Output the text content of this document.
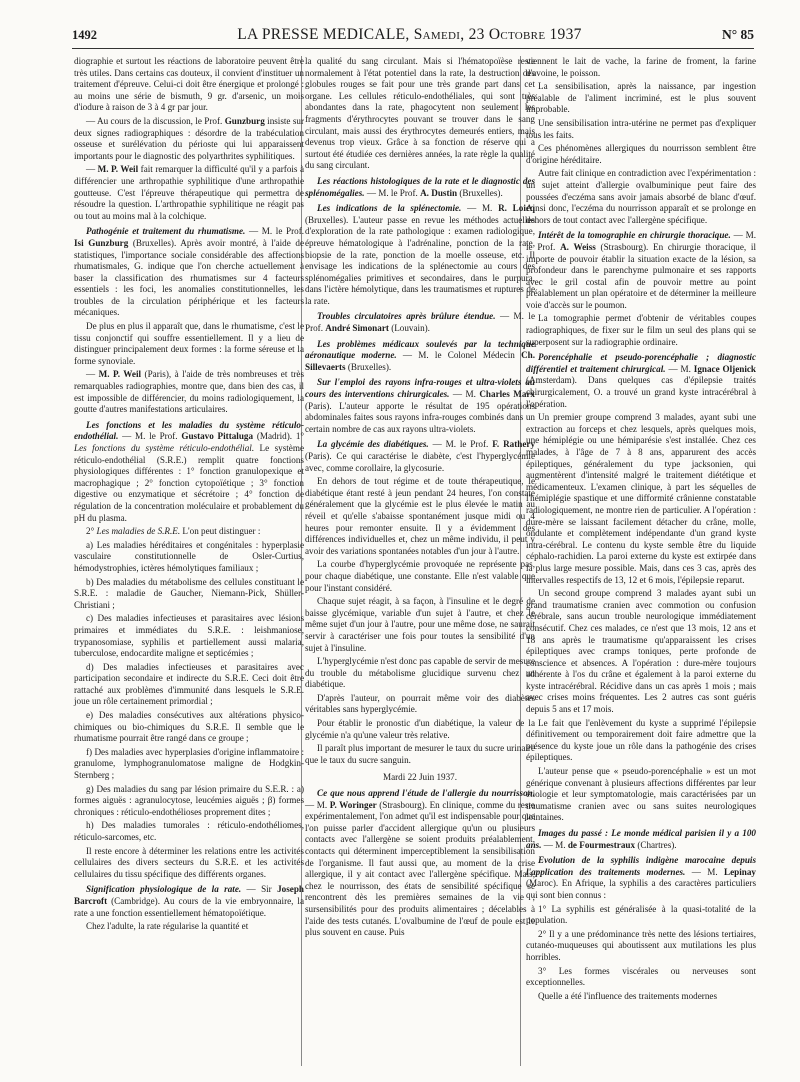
1492	LA PRESSE MEDICALE, Samedi, 23 Octobre 1937	N° 85

diographie et surtout les réactions de laboratoire peuvent être très utiles. Dans certains cas douteux, il convient d'instituer un traitement d'épreuve. Celui-ci doit être énergique et prolongé : au moins une série de bismuth, 9 gr. d'arsenic, un mois d'iodure à raison de 3 à 4 gr par jour.

— Au cours de la discussion, le Prof. Gunzburg insiste sur deux signes radiographiques : désordre de la trabéculation osseuse et surélévation du périoste qui lui apparaissent importants pour le diagnostic des polyarthrites syphilitiques.

— M. P. Weil fait remarquer la difficulté qu'il y a parfois à différencier une arthropathie syphilitique d'une arthropathie goutteuse. C'est l'épreuve thérapeutique qui permettra de résoudre la question. L'arthropathie syphilitique ne réagit pas ou tout au moins mal à la colchique.

Pathogénie et traitement du rhumatisme. — M. le Prof. Isi Gunzburg (Bruxelles). Après avoir montré, à l'aide de statistiques, l'importance sociale considérable des affections rhumatismales, G. indique que l'on cherche actuellement à baser la classification des rhumatismes sur 4 facteurs essentiels : les foci, les anomalies constitutionnelles, les troubles de la circulation périphérique et les facteurs mécaniques.

De plus en plus il apparaît que, dans le rhumatisme, c'est le tissu conjonctif qui souffre essentiellement. Il y a lieu de distinguer principalement deux formes : la forme séreuse et la forme synoviale.

— M. P. Weil (Paris), à l'aide de très nombreuses et très remarquables radiographies, montre que, dans bien des cas, il est impossible de différencier, du moins radiologiquement, la goutte d'autres manifestations articulaires.

Les fonctions et les maladies du système réticulo-endothélial. — M. le Prof. Gustavo Pittaluga (Madrid). 1° Les fonctions du système réticulo-endothélial. Le système réticulo-endothélial (S.R.E.) remplit quatre fonctions physiologiques différentes : 1° fonction granulopexique et macrophagique ; 2° fonction cytopoïétique ; 3° fonction digestive ou enzymatique et sécrétoire ; 4° fonction de régulation de la concentration moléculaire et probablement du pH du plasma.

2° Les maladies de S.R.E. L'on peut distinguer :

a) Les maladies héréditaires et congénitales : hyperplasie vasculaire constitutionnelle de Osler-Curtius, hémodystrophies, ictères hémolytiques familiaux ;

b) Des maladies du métabolisme des cellules constituant le S.R.E. : maladie de Gaucher, Niemann-Pick, Shüller-Christiani ;

c) Des maladies infectieuses et parasitaires avec lésions primaires et immédiates du S.R.E. : leishmaniose, trypanosomiase, syphilis et partiellement aussi malaria, tuberculose, endocardite maligne et septicémies ;

d) Des maladies infectieuses et parasitaires avec participation secondaire et indirecte du S.R.E. Ceci doit être rattaché aux problèmes d'immunité dans lesquels le S.R.E. joue un rôle certainement primordial ;

e) Des maladies consécutives aux altérations physico-chimiques ou bio-chimiques du S.R.E. Il semble que le rhumatisme pourrait être rangé dans ce groupe ;

f) Des maladies avec hyperplasies d'origine inflammatoire : granulome, lymphogranulomatose maligne de Hodgkin-Sternberg ;

g) Des maladies du sang par lésion primaire du S.E.R. : a) formes aiguës : agranulocytose, leucémies aiguës ; β) formes chroniques : réticulo-endothélioses proprement dites ;

h) Des maladies tumorales : réticulo-endothéliomes, réticulo-sarcomes, etc.

Il reste encore à déterminer les relations entre les activités cellulaires des divers secteurs du S.R.E. et les activités cellulaires du tissu spécifique des différents organes.

Signification physiologique de la rate. — Sir Joseph Barcroft (Cambridge). Au cours de la vie embryonnaire, la rate a une fonction essentiellement hématopoïétique.

Chez l'adulte, la rate régularise la quantité et

la qualité du sang circulant. Mais si l'hématopoïèse reste normalement à l'état potentiel dans la rate, la destruction des globules rouges se fait pour une très grande part dans cet organe. Les cellules réticulo-endothéliales, qui sont très abondantes dans la rate, phagocytent non seulement les fragments d'érythrocytes pouvant se trouver dans le sang circulant, mais aussi des érythrocytes demeurés entiers, mais devenus trop vieux. Grâce à sa fonction de réserve qui a surtout été étudiée ces dernières années, la rate règle la qualité du sang circulant.

Les réactions histologiques de la rate et le diagnostic des splénomégalies. — M. le Prof. A. Dustin (Bruxelles).

Les indications de la splénectomie. — M. R. Loicq (Bruxelles). L'auteur passe en revue les méthodes actuelles d'exploration de la rate pathologique : examen radiologique, épreuve hématologique à l'adrénaline, ponction de la rate, biopsie de la rate, ponction de la moelle osseuse, etc. Il envisage les indications de la splénectomie au cours des splénomégalies primitives et secondaires, dans le purpura, dans l'ictère hémolytique, dans les traumatismes et ruptures de la rate.

Troubles circulatoires après brûlure étendue. — M. le Prof. André Simonart (Louvain).

Les problèmes médicaux soulevés par la technique aéronautique moderne. — M. le Colonel Médecin Ch. Sillevaerts (Bruxelles).

Sur l'emploi des rayons infra-rouges et ultra-violets au cours des interventions chirurgicales. — M. Charles Marx (Paris). L'auteur apporte le résultat de 195 opérations abdominales faites sous rayons infra-rouges combinés dans un certain nombre de cas aux rayons ultra-violets.

La glycémie des diabétiques. — M. le Prof. F. Rathery (Paris). Ce qui caractérise le diabète, c'est l'hyperglycémie avec, comme corollaire, la glycosurie.

En dehors de tout régime et de toute thérapeutique, le diabétique étant resté à jeun pendant 24 heures, l'on constate généralement que la glycémie est le plus élevée le matin au réveil et qu'elle s'abaisse spontanément jusque midi ou 4 heures pour remonter ensuite. Il y a évidemment des différences individuelles et, chez un même individu, il peut y avoir des variations spontanées notables d'un jour à l'autre.

La courbe d'hyperglycémie provoquée ne représente pas, pour chaque diabétique, une constante. Elle n'est valable que pour l'instant considéré.

Chaque sujet réagit, à sa façon, à l'insuline et le degré de baisse glycémique, variable d'un sujet à l'autre, et chez le même sujet d'un jour à l'autre, pour une même dose, ne saurait servir à caractériser une fois pour toutes la sensibilité d'un sujet à l'insuline.

L'hyperglycémie n'est donc pas capable de servir de mesure du trouble du métabolisme glucidique survenu chez un diabétique.

D'après l'auteur, on pourrait même voir des diabètes véritables sans hyperglycémie.

Pour établir le pronostic d'un diabétique, la valeur de la glycémie n'a qu'une valeur très relative.

Il paraît plus important de mesurer le taux du sucre urinaire que le taux du sucre sanguin.

Mardi 22 Juin 1937.

Ce que nous apprend l'étude de l'allergie du nourrisson. — M. P. Woringer (Strasbourg). En clinique, comme du reste expérimentalement, l'on admet qu'il est indispensable pour que l'on puisse parler d'accident allergique qu'un ou plusieurs contacts avec l'allergène se soient produits préalablement, contacts qui déterminent imperceptiblement la sensibilisation de l'organisme. Il faut aussi que, au moment de la crise allergique, il y ait contact avec l'allergène spécifique. Mais, chez le nourrisson, des états de sensibilité spécifique se rencontrent dès les premières semaines de la vie ; sursensibilités pour des produits alimentaires ; décelables à l'aide des tests cutanés. L'ovalbumine de l'œuf de poule est le plus souvent en cause. Puis

viennent le lait de vache, la farine de froment, la farine d'avoine, le poisson.

La sensibilisation, après la naissance, par ingestion préalable de l'aliment incriminé, est le plus souvent improbable.

Une sensibilisation intra-utérine ne permet pas d'expliquer tous les faits.

Ces phénomènes allergiques du nourrisson semblent être d'origine héréditaire.

Autre fait clinique en contradiction avec l'expérimentation : un sujet atteint d'allergie ovalbuminique peut faire des poussées d'eczéma sans avoir jamais absorbé de blanc d'œuf. Ainsi donc, l'eczéma du nourrisson apparaît et se prolonge en dehors de tout contact avec l'allergène spécifique.

Intérêt de la tomographie en chirurgie thoracique. — M. le Prof. A. Weiss (Strasbourg). En chirurgie thoracique, il importe de pouvoir établir la situation exacte de la lésion, sa profondeur dans le parenchyme pulmonaire et ses rapports avec le gril costal afin de pouvoir mettre au point préalablement un plan opératoire et de déterminer la meilleure voie d'accès sur le poumon.

La tomographie permet d'obtenir de véritables coupes radiographiques, de fixer sur le film un seul des plans qui se superposent sur la radiographie ordinaire.

Porencéphalie et pseudo-porencéphalie ; diagnostic différentiel et traitement chirurgical. — M. Ignace Oljenick (Amsterdam). Dans quelques cas d'épilepsie traités chirurgicalement, O. a trouvé un grand kyste intracérébral à l'opération.

Un premier groupe comprend 3 malades, ayant subi une extraction au forceps et chez lesquels, après quelques mois, une hémiplégie ou une hémiparésie s'est installée. Chez ces malades, à l'âge de 7 à 8 ans, apparurent des accès épileptiques, généralement du type jacksonien, qui augmentèrent d'intensité malgré le traitement diététique et médicamenteux. L'examen clinique, à part les séquelles de l'hémiplégie spastique et une difformité crânienne constatable radiologiquement, ne montre rien de particulier. A l'opération : dure-mère se laissant facilement détacher du crâne, molle, ondulante et complètement indépendante d'un grand kyste intra-cérébral. Le contenu du kyste semble être du liquide céphalo-rachidien. La paroi externe du kyste est extirpée dans la plus large mesure possible. Mais, dans ces 3 cas, après des intervalles respectifs de 13, 12 et 6 mois, l'épilepsie reparut.

Un second groupe comprend 3 malades ayant subi un grand traumatisme cranien avec commotion ou confusion cérébrale, sans aucun trouble neurologique immédiatement consécutif. Chez ces malades, ce n'est que 13 mois, 12 ans et 18 ans après le traumatisme qu'apparaissent les crises épileptiques avec cramps toniques, perte profonde de conscience et absences. A l'opération : dure-mère toujours adhérente à l'os du crâne et également à la paroi externe du kyste intracérébral. Récidive dans un cas après 1 mois ; mais avec crises moins fréquentes. Les 2 autres cas sont guéris depuis 5 ans et 17 mois.

Le fait que l'enlèvement du kyste a supprimé l'épilepsie définitivement ou temporairement doit faire admettre que la présence du kyste joue un rôle dans la pathogénie des crises épileptiques.

L'auteur pense que « pseudo-porencéphalie » est un mot générique convenant à plusieurs affections différentes par leur étiologie et leur symptomatologie, mais caractérisées par un traumatisme cranien avec ou sans suites neurologiques lointaines.

Images du passé : Le monde médical parisien il y a 100 ans. — M. de Fourmestraux (Chartres).

Evolution de la syphilis indigène marocaine depuis l'application des traitements modernes. — M. Lepinay (Maroc). En Afrique, la syphilis a des caractères particuliers qui sont bien connus :

1° La syphilis est généralisée à la quasi-totalité de la population.

2° Il y a une prédominance très nette des lésions tertiaires, cutanéo-muqueuses qui aboutissent aux mutilations les plus horribles.

3° Les formes viscérales ou nerveuses sont exceptionnelles.

Quelle a été l'influence des traitements modernes
